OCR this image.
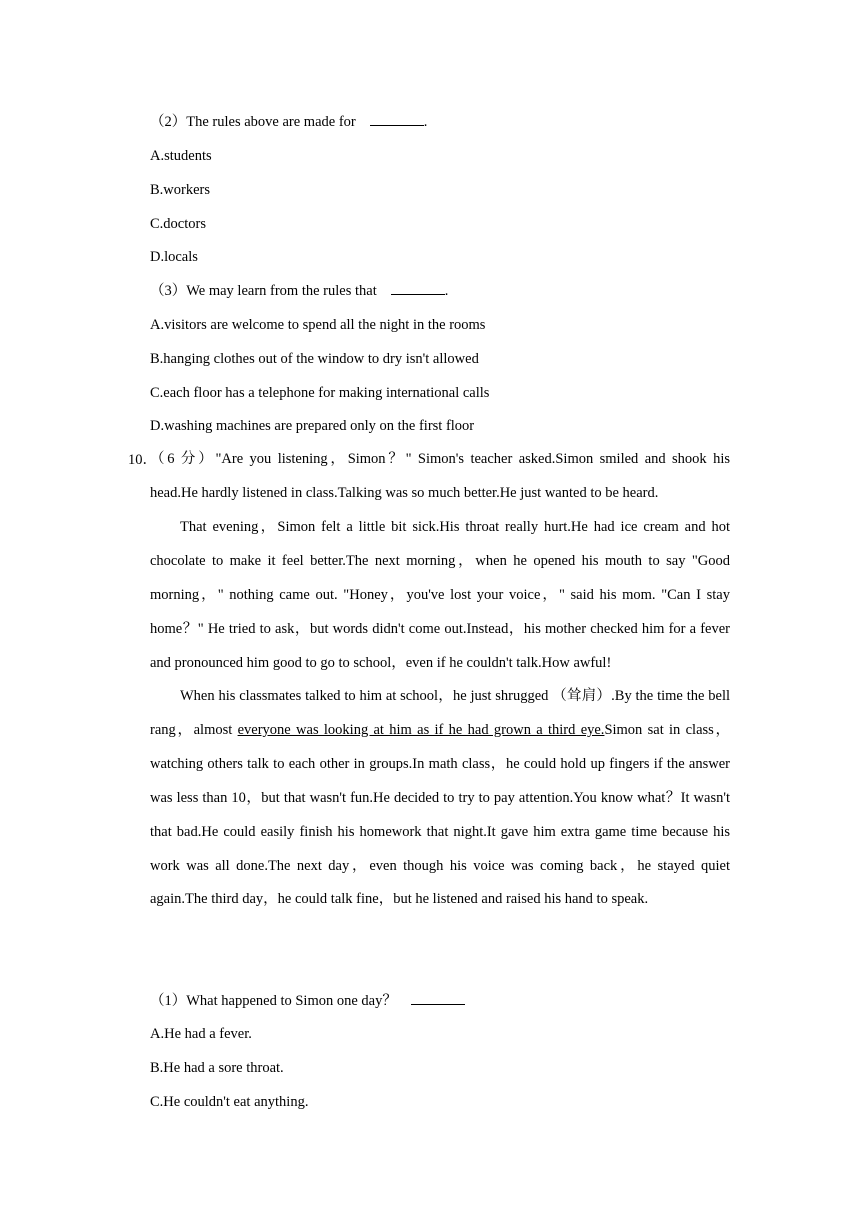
（2）The rules above are made for	.
A.students
B.workers
C.doctors
D.locals
（3）We may learn from the rules that	.
A.visitors are welcome to spend all the night in the rooms
B.hanging clothes out of the window to dry isn't allowed
C.each floor has a telephone for making international calls
D.washing machines are prepared only on the first floor
10．

（6 分）"Are you listening，Simon？" Simon's teacher asked.Simon smiled and shook his head.He hardly listened in class.Talking was so much better.He just wanted to be heard.

That evening，Simon felt a little bit sick.His throat really hurt.He had ice cream and hot chocolate to make it feel better.The next morning，when he opened his mouth to say "Good morning，" nothing came out. "Honey，you've lost your voice，" said his mom. "Can I stay home？" He tried to ask，but words didn't come out.Instead，his mother checked him for a fever and pronounced him good to go to school，even if he couldn't talk.How awful!

When his classmates talked to him at school，he just shrugged （耸肩）.By the time the bell rang，almost everyone was looking at him as if he had grown a third eye.Simon sat in class，watching others talk to each other in groups.In math class，he could hold up fingers if the answer was less than 10，but that wasn't fun.He decided to try to pay attention.You know what？It wasn't that bad.He could easily finish his homework that night.It gave him extra game time because his work was all done.The next day，even though his voice was coming back，he stayed quiet again.The third day，he could talk fine，but he listened and raised his hand to speak.

（1）What happened to Simon one day？
A.He had a fever.
B.He had a sore throat.
C.He couldn't eat anything.
